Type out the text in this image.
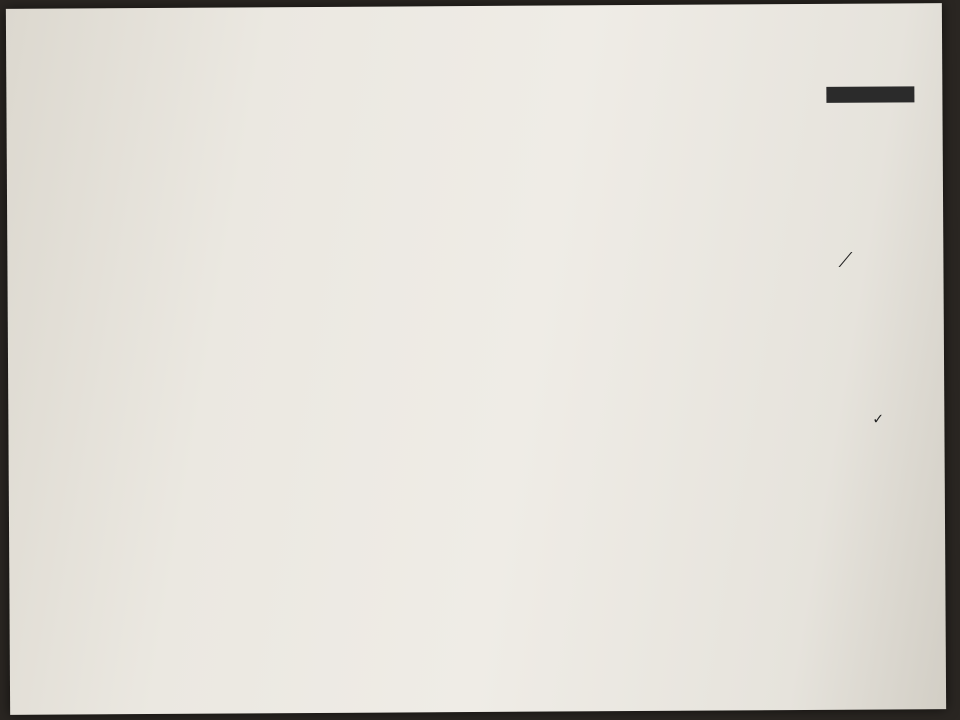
⟋
✓
